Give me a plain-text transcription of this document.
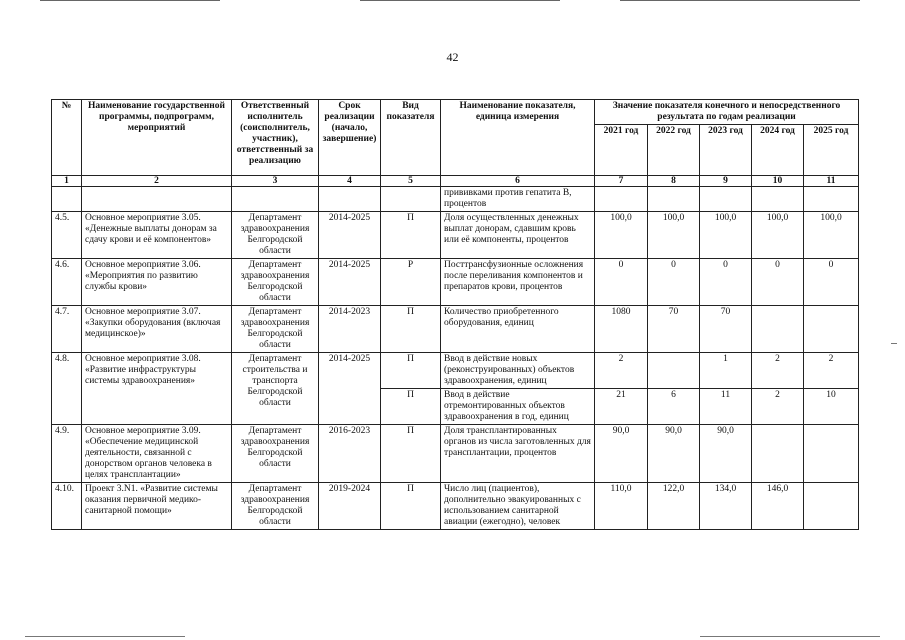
42
№	Наименование государственной программы, подпрограмм, мероприятий	Ответственный исполнитель (соисполнитель, участник), ответственный за реализацию	Срок реализации (начало, завершение)	Вид показателя	Наименование показателя, единица измерения	Значение показателя конечного и непосредственного результата по годам реализации				
						2021 год	2022 год	2023 год	2024 год	2025 год
1	2	3	4	5	6	7	8	9	10	11
					прививками против гепатита В, процентов					
4.5.	Основное мероприятие 3.05. «Денежные выплаты донорам за сдачу крови и её компонентов»	Департамент здравоохранения Белгородской области	2014-2025	П	Доля осуществленных денежных выплат донорам, сдавшим кровь или её компоненты, процентов	100,0	100,0	100,0	100,0	100,0
4.6.	Основное мероприятие 3.06. «Мероприятия по развитию службы крови»	Департамент здравоохранения Белгородской области	2014-2025	Р	Посттрансфузионные осложнения после переливания компонентов и препаратов крови, процентов	0	0	0	0	0
4.7.	Основное мероприятие 3.07. «Закупки оборудования (включая медицинское)»	Департамент здравоохранения Белгородской области	2014-2023	П	Количество приобретенного оборудования, единиц	1080	70	70		
4.8.	Основное мероприятие 3.08. «Развитие инфраструктуры системы здравоохранения»	Департамент строительства и транспорта Белгородской области	2014-2025	П	Ввод в действие новых (реконструированных) объектов здравоохранения, единиц	2		1	2	2
				П	Ввод в действие отремонтированных объектов здравоохранения в год, единиц	21	6	11	2	10
4.9.	Основное мероприятие 3.09. «Обеспечение медицинской деятельности, связанной с донорством органов человека в целях трансплантации»	Департамент здравоохранения Белгородской области	2016-2023	П	Доля трансплантированных органов из числа заготовленных для трансплантации, процентов	90,0	90,0	90,0		
4.10.	Проект 3.N1. «Развитие системы оказания первичной медико-санитарной помощи»	Департамент здравоохранения Белгородской области	2019-2024	П	Число лиц (пациентов), дополнительно эвакуированных с использованием санитарной авиации (ежегодно), человек	110,0	122,0	134,0	146,0	
